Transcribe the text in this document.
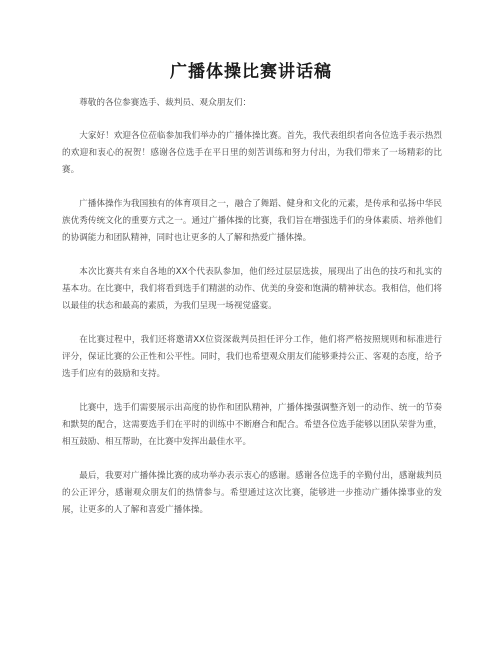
广播体操比赛讲话稿

尊敬的各位参赛选手、裁判员、观众朋友们：

大家好！欢迎各位莅临参加我们举办的广播体操比赛。首先，我代表组织者向各位选手表示热烈的欢迎和衷心的祝贺！感谢各位选手在平日里的刻苦训练和努力付出，为我们带来了一场精彩的比赛。

广播体操作为我国独有的体育项目之一，融合了舞蹈、健身和文化的元素，是传承和弘扬中华民族优秀传统文化的重要方式之一。通过广播体操的比赛，我们旨在增强选手们的身体素质、培养他们的协调能力和团队精神，同时也让更多的人了解和热爱广播体操。

本次比赛共有来自各地的XX个代表队参加，他们经过层层选拔，展现出了出色的技巧和扎实的基本功。在比赛中，我们将看到选手们精湛的动作、优美的身姿和饱满的精神状态。我相信，他们将以最佳的状态和最高的素质，为我们呈现一场视觉盛宴。

在比赛过程中，我们还将邀请XX位资深裁判员担任评分工作，他们将严格按照规则和标准进行评分，保证比赛的公正性和公平性。同时，我们也希望观众朋友们能够秉持公正、客观的态度，给予选手们应有的鼓励和支持。

比赛中，选手们需要展示出高度的协作和团队精神，广播体操强调整齐划一的动作、统一的节奏和默契的配合，这需要选手们在平时的训练中不断磨合和配合。希望各位选手能够以团队荣誉为重，相互鼓励、相互帮助，在比赛中发挥出最佳水平。

最后，我要对广播体操比赛的成功举办表示衷心的感谢。感谢各位选手的辛勤付出，感谢裁判员的公正评分，感谢观众朋友们的热情参与。希望通过这次比赛，能够进一步推动广播体操事业的发展，让更多的人了解和喜爱广播体操。
